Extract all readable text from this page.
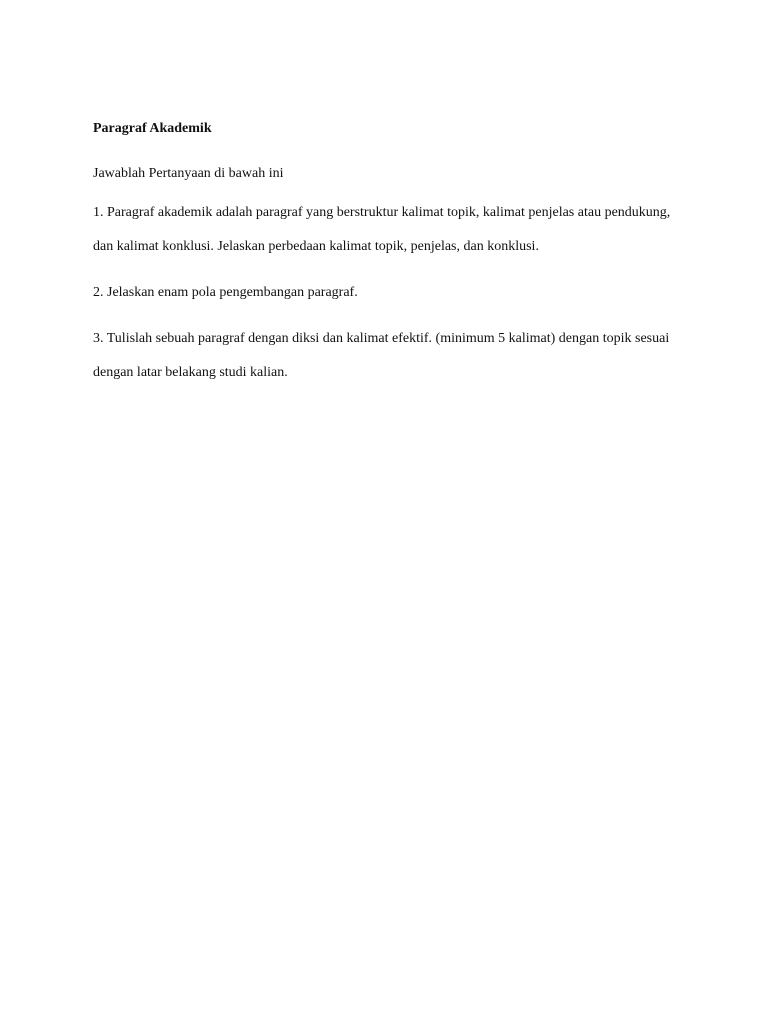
Paragraf Akademik

Jawablah Pertanyaan di bawah ini

1. Paragraf akademik adalah paragraf yang berstruktur kalimat topik, kalimat penjelas atau pendukung, dan kalimat konklusi. Jelaskan perbedaan kalimat topik, penjelas, dan konklusi.

2. Jelaskan enam pola pengembangan paragraf.

3. Tulislah sebuah paragraf dengan diksi dan kalimat efektif. (minimum 5 kalimat) dengan topik sesuai dengan latar belakang studi kalian.
